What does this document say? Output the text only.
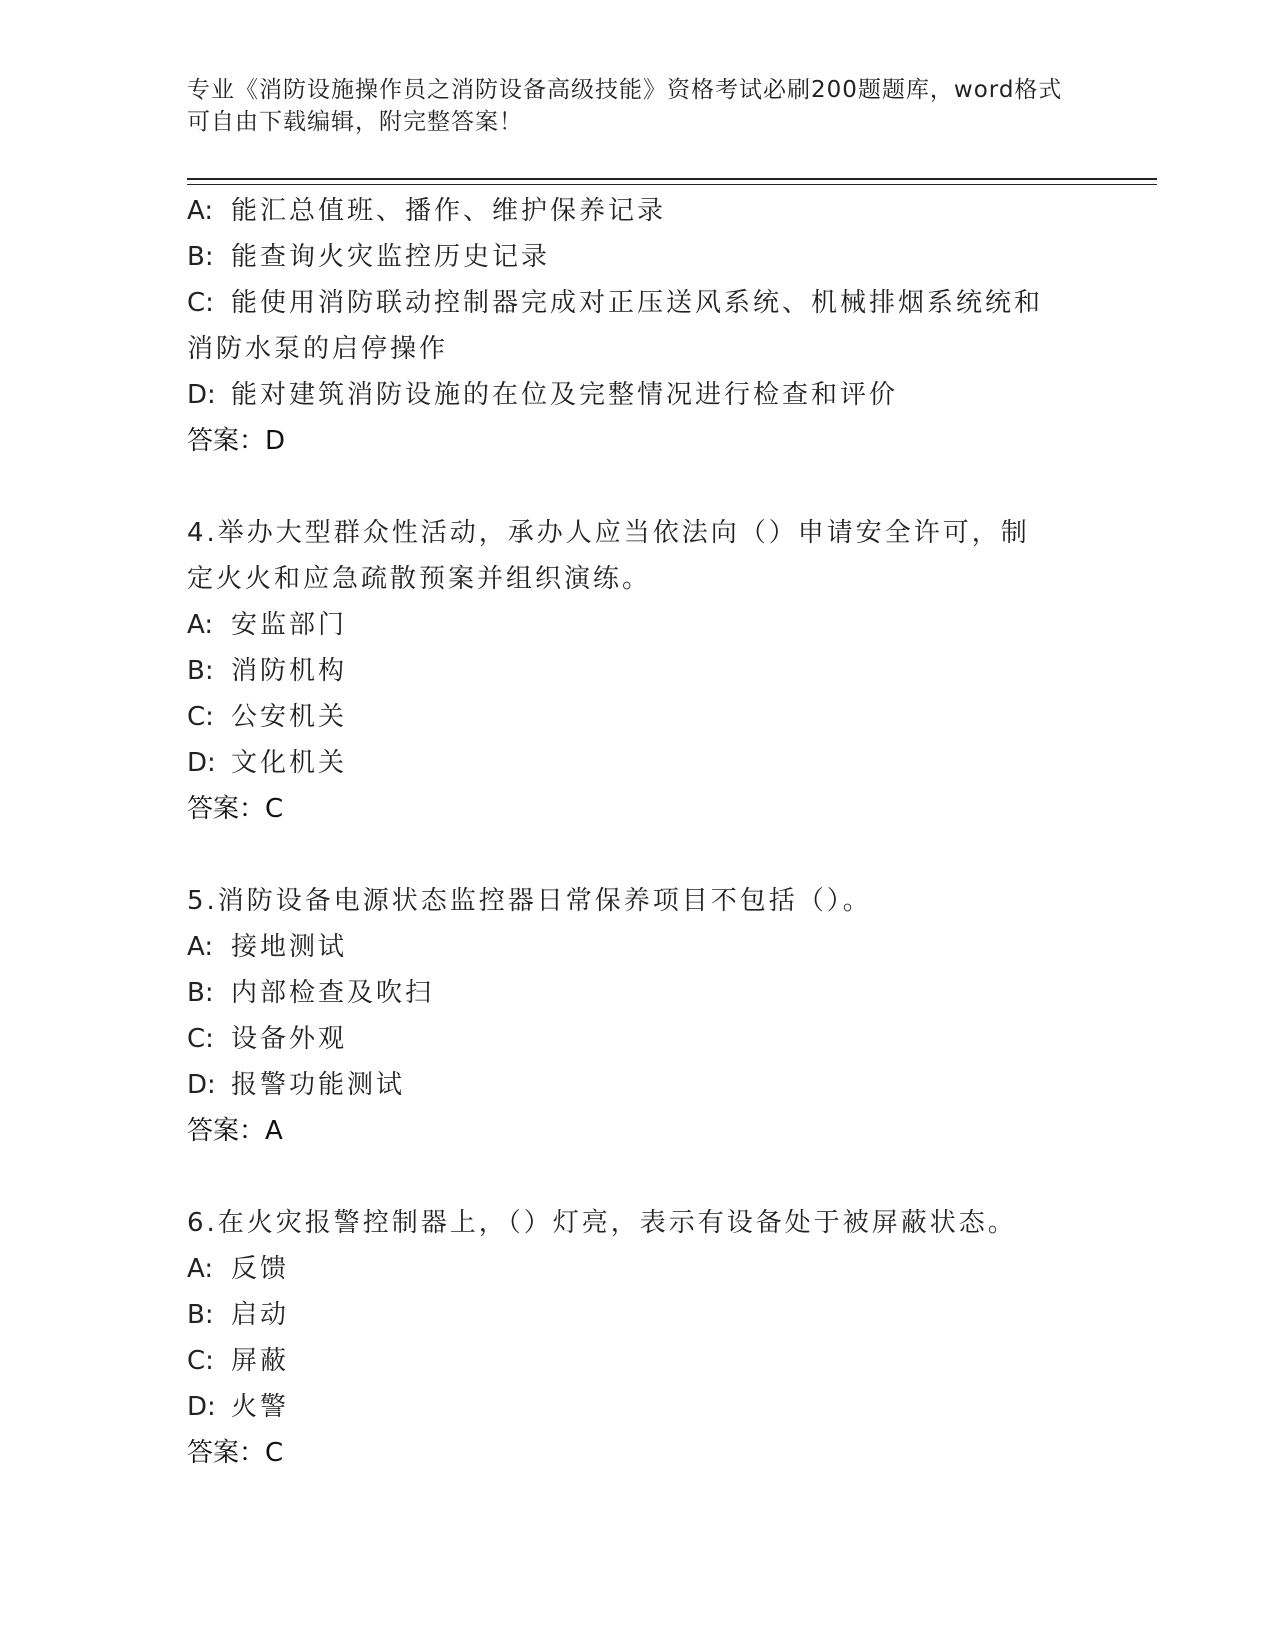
专业《消防设施操作员之消防设备高级技能》资格考试必刷200题题库，word格式可自由下载编辑，附完整答案！
A: 能汇总值班、播作、维护保养记录
B: 能查询火灾监控历史记录
C: 能使用消防联动控制器完成对正压送风系统、机械排烟系统统和消防水泵的启停操作
D: 能对建筑消防设施的在位及完整情况进行检查和评价
答案：D
4.举办大型群众性活动，承办人应当依法向（）申请安全许可，制定火火和应急疏散预案并组织演练。
A: 安监部门
B: 消防机构
C: 公安机关
D: 文化机关
答案：C
5.消防设备电源状态监控器日常保养项目不包括（）。
A: 接地测试
B: 内部检查及吹扫
C: 设备外观
D: 报警功能测试
答案：A
6.在火灾报警控制器上，（）灯亮，表示有设备处于被屏蔽状态。
A: 反馈
B: 启动
C: 屏蔽
D: 火警
答案：C
